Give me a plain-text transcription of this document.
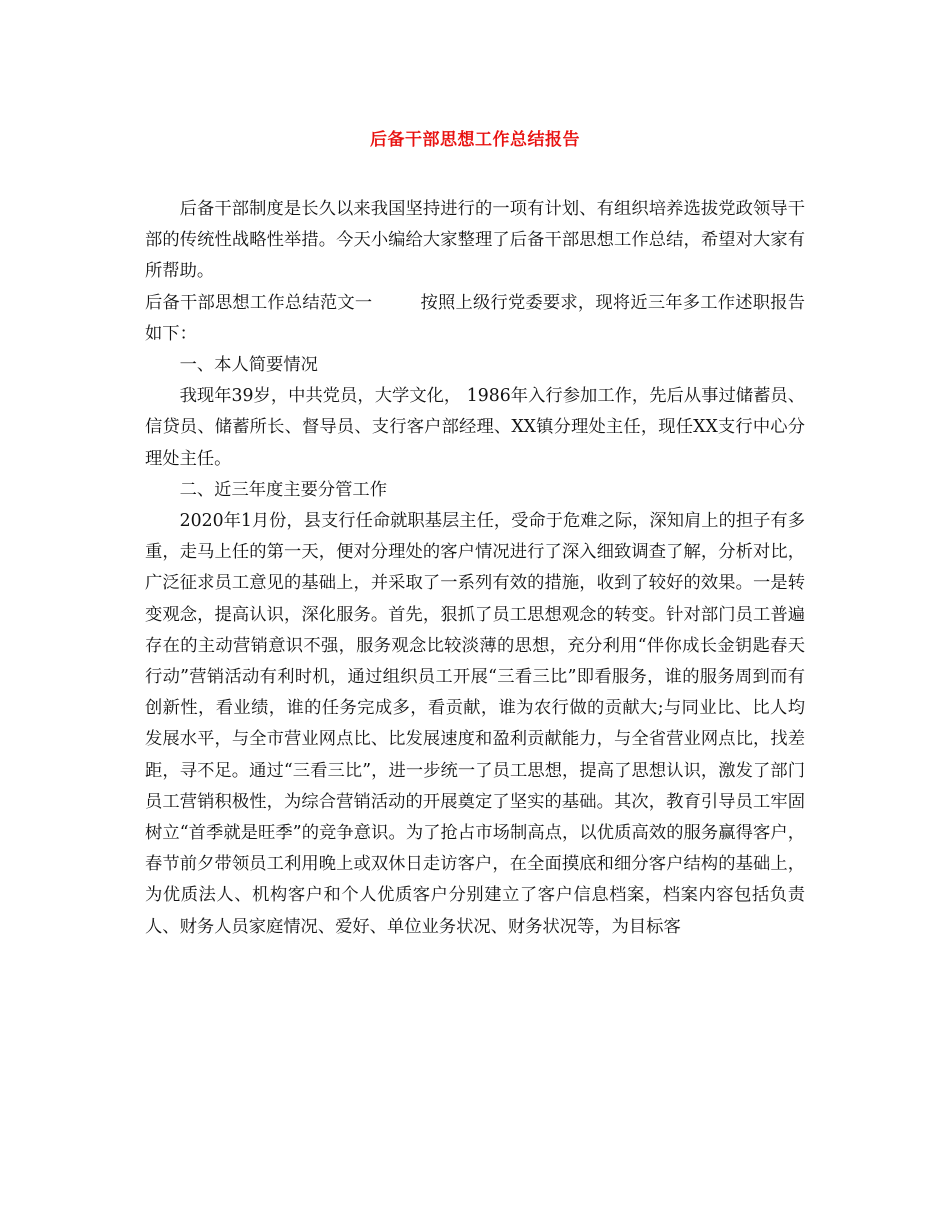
后备干部思想工作总结报告

后备干部制度是长久以来我国坚持进行的一项有计划、有组织培养选拔党政领导干部的传统性战略性举措。今天小编给大家整理了后备干部思想工作总结，希望对大家有所帮助。

后备干部思想工作总结范文一	按照上级行党委要求，现将近三年多工作述职报告如下：

一、本人简要情况

我现年39岁，中共党员，大学文化， 1986年入行参加工作，先后从事过储蓄员、信贷员、储蓄所长、督导员、支行客户部经理、XX镇分理处主任，现任XX支行中心分理处主任。

二、近三年度主要分管工作

2020年1月份，县支行任命就职基层主任，受命于危难之际，深知肩上的担子有多重，走马上任的第一天，便对分理处的客户情况进行了深入细致调查了解，分析对比，广泛征求员工意见的基础上，并采取了一系列有效的措施，收到了较好的效果。一是转变观念，提高认识，深化服务。首先，狠抓了员工思想观念的转变。针对部门员工普遍存在的主动营销意识不强，服务观念比较淡薄的思想，充分利用“伴你成长金钥匙春天行动”营销活动有利时机，通过组织员工开展“三看三比”即看服务，谁的服务周到而有创新性，看业绩，谁的任务完成多，看贡献，谁为农行做的贡献大;与同业比、比人均发展水平，与全市营业网点比、比发展速度和盈利贡献能力，与全省营业网点比，找差距，寻不足。通过“三看三比”，进一步统一了员工思想，提高了思想认识，激发了部门员工营销积极性，为综合营销活动的开展奠定了坚实的基础。其次，教育引导员工牢固树立“首季就是旺季”的竞争意识。为了抢占市场制高点，以优质高效的服务赢得客户，春节前夕带领员工利用晚上或双休日走访客户，在全面摸底和细分客户结构的基础上，为优质法人、机构客户和个人优质客户分别建立了客户信息档案，档案内容包括负责人、财务人员家庭情况、爱好、单位业务状况、财务状况等，为目标客
